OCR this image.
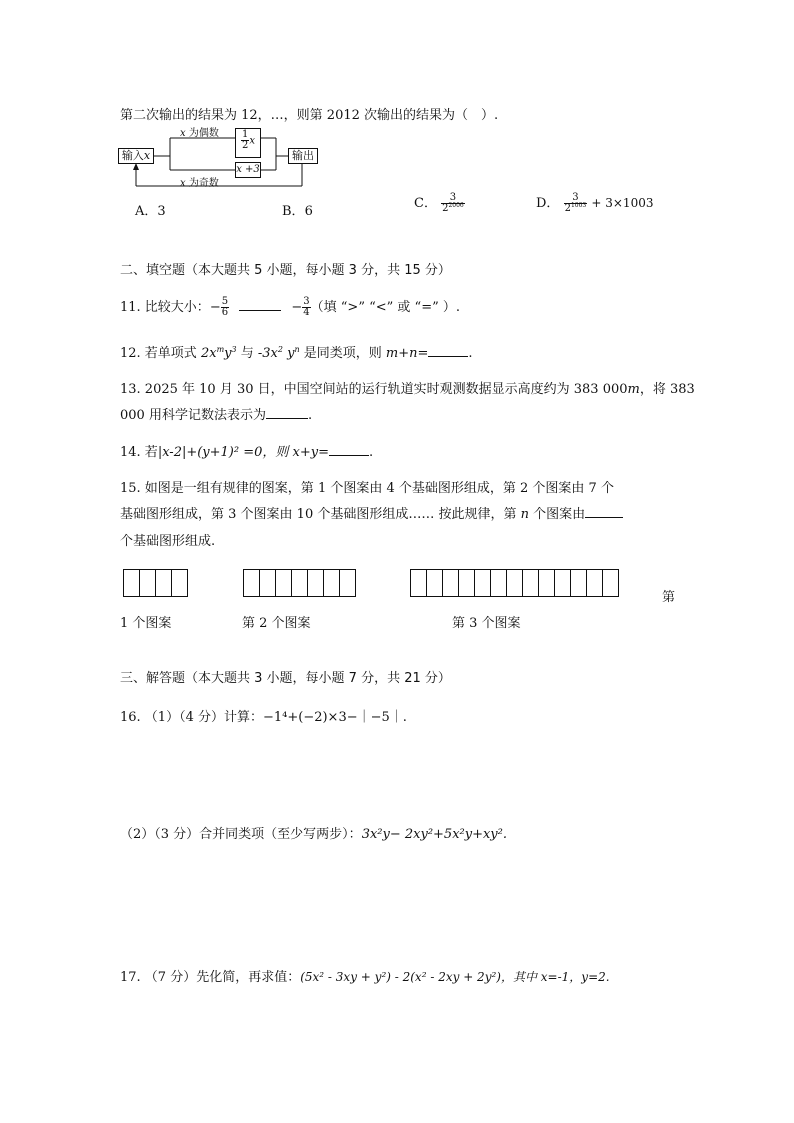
第二次输出的结果为 12，…，则第 2012 次输出的结果为（　）.
输入x
x 为偶数 $\frac{1}{2}$ x
x +3
x 为奇数
输出
A．3	B．6
C． $\frac{3}{2^{2006}}$	D． $\frac{3}{2^{1003}} + 3\times 1003$
二、填空题（本大题共 5 小题，每小题 3 分，共 15 分）
11. 比较大小：− $\frac{5}{6}$	− $\frac{3}{4}$ （填 “>” “<” 或 “=” ）.
12. 若单项式 $2x^my^3$ 与 $-3x^2$ $y^n$ 是同类项，则 m+n=	.
13. 2025 年 10 月 30 日，中国空间站的运行轨道实时观测数据显示高度约为 383 000m，将 383
000 用科学记数法表示为	.
14. 若|x-2|+(y+1)² =0，则 x+y=	.
15. 如图是一组有规律的图案，第 1 个图案由 4 个基础图形组成，第 2 个图案由 7 个
基础图形组成，第 3 个图案由 10 个基础图形组成…… 按此规律，第 n 个图案由
个基础图形组成.
第
1 个图案	第 2 个图案	第 3 个图案
三、解答题（本大题共 3 小题，每小题 7 分，共 21 分）
16. （1）（4 分）计算：−1⁴+(−2)×3−｜−5｜.
（2）（3 分）合并同类项（至少写两步）：3x²y− 2xy²+5x²y+xy².
17. （7 分）先化简，再求值：(5x² - 3xy + y²) - 2(x² - 2xy + 2y²)，其中 x=-1，y=2.
